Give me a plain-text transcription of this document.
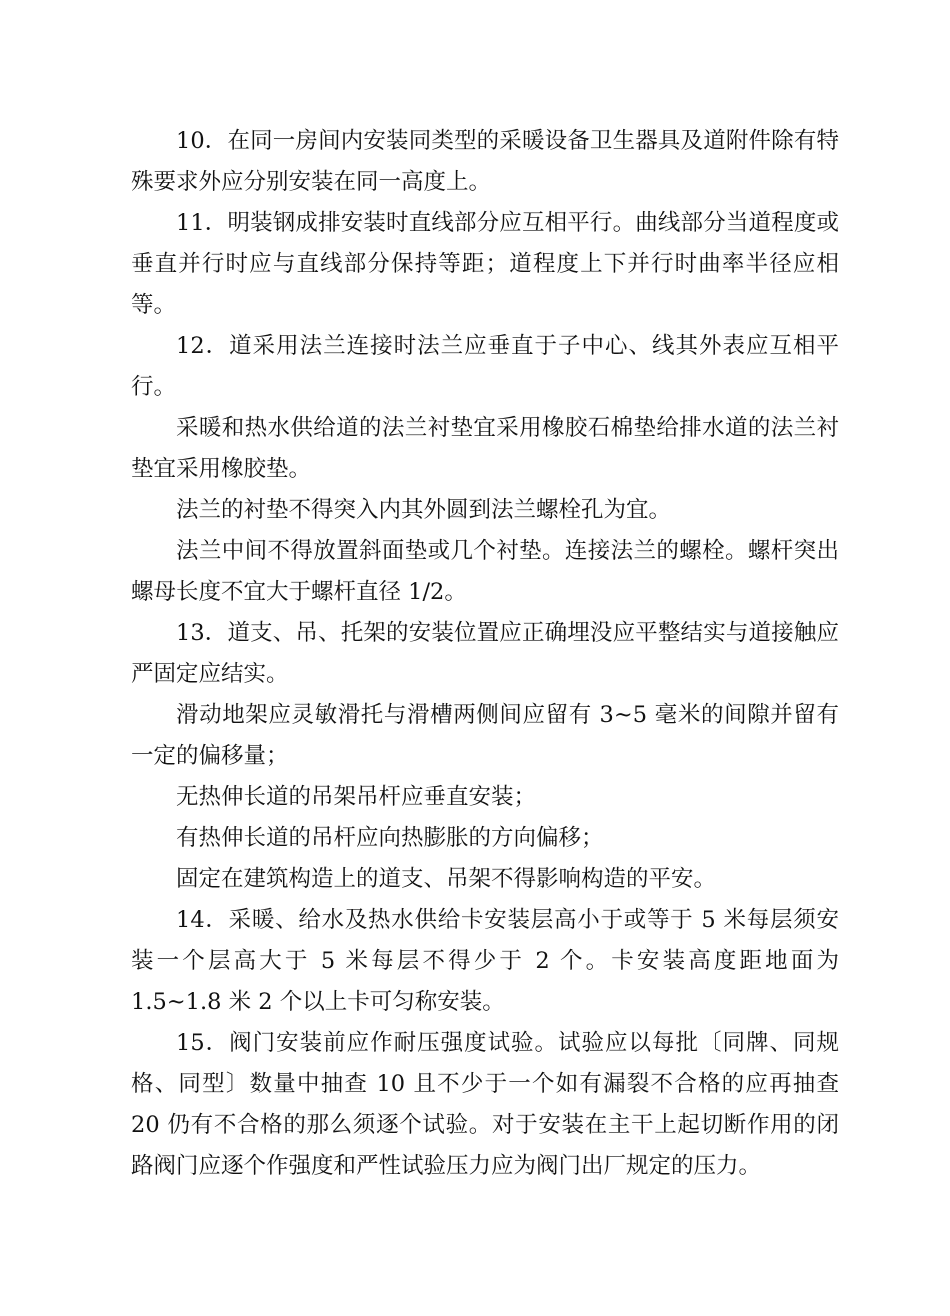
10．在同一房间内安装同类型的采暖设备卫生器具及道附件除有特殊要求外应分别安装在同一高度上。

11．明装钢成排安装时直线部分应互相平行。曲线部分当道程度或垂直并行时应与直线部分保持等距；道程度上下并行时曲率半径应相等。

12．道采用法兰连接时法兰应垂直于子中心、线其外表应互相平行。

采暖和热水供给道的法兰衬垫宜采用橡胶石棉垫给排水道的法兰衬垫宜采用橡胶垫。

法兰的衬垫不得突入内其外圆到法兰螺栓孔为宜。

法兰中间不得放置斜面垫或几个衬垫。连接法兰的螺栓。螺杆突出螺母长度不宜大于螺杆直径 1/2。

13．道支、吊、托架的安装位置应正确埋没应平整结实与道接触应严固定应结实。

滑动地架应灵敏滑托与滑槽两侧间应留有 3~5 毫米的间隙并留有一定的偏移量；

无热伸长道的吊架吊杆应垂直安装；

有热伸长道的吊杆应向热膨胀的方向偏移；

固定在建筑构造上的道支、吊架不得影响构造的平安。

14．采暖、给水及热水供给卡安装层高小于或等于 5 米每层须安装一个层高大于 5 米每层不得少于 2 个。卡安装高度距地面为 1.5~1.8 米 2 个以上卡可匀称安装。

15．阀门安装前应作耐压强度试验。试验应以每批〔同牌、同规格、同型〕数量中抽查 10 且不少于一个如有漏裂不合格的应再抽查 20 仍有不合格的那么须逐个试验。对于安装在主干上起切断作用的闭路阀门应逐个作强度和严性试验压力应为阀门出厂规定的压力。
